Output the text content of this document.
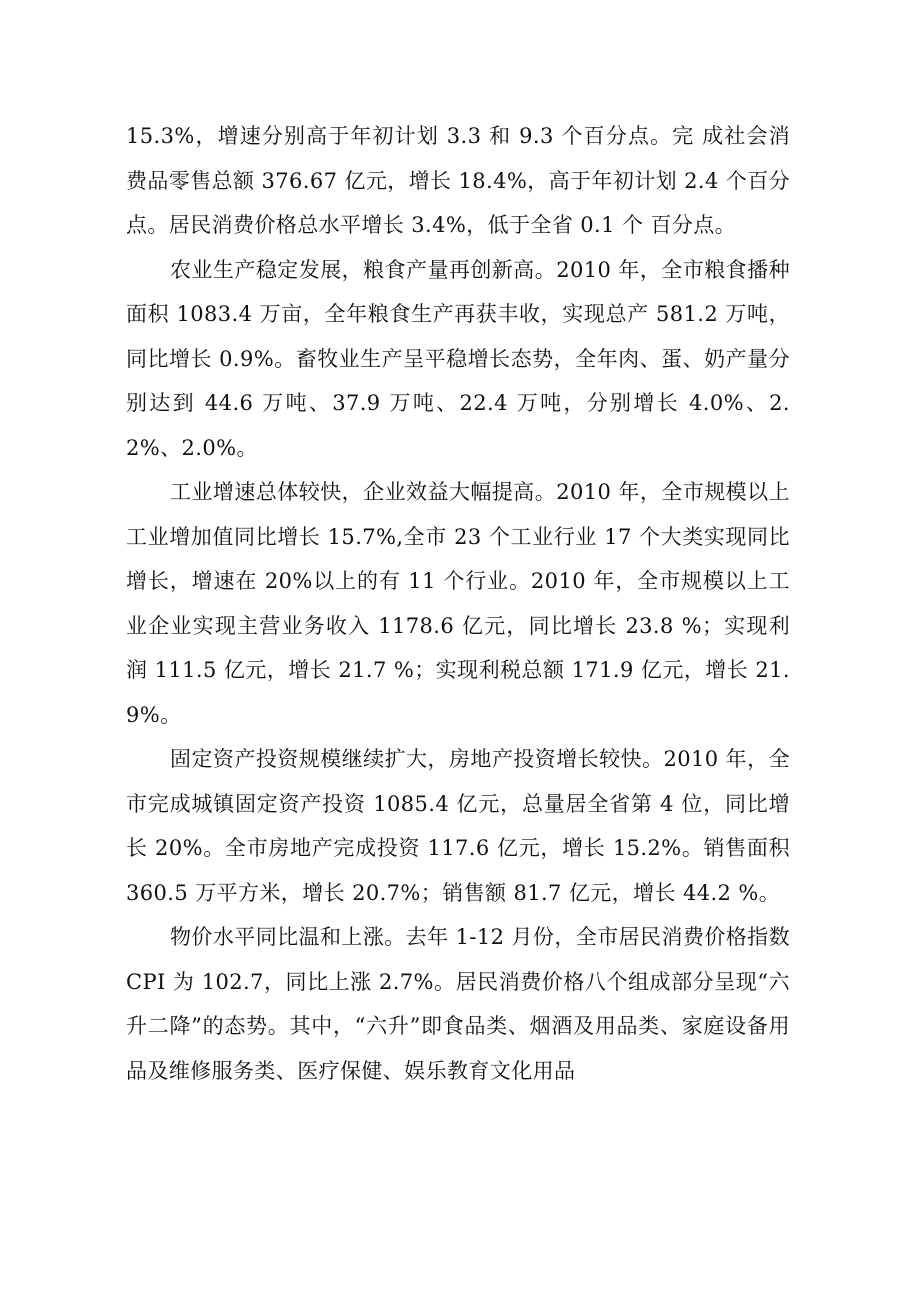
15.3%，增速分别高于年初计划 3.3 和 9.3 个百分点。完 成社会消费品零售总额 376.67 亿元，增长 18.4%，高于年初计划 2.4 个百分点。居民消费价格总水平增长 3.4%，低于全省 0.1 个 百分点。

农业生产稳定发展，粮食产量再创新高。2010 年，全市粮食播种面积 1083.4 万亩，全年粮食生产再获丰收，实现总产 581.2 万吨，同比增长 0.9%。畜牧业生产呈平稳增长态势，全年肉、蛋、奶产量分别达到 44.6 万吨、37.9 万吨、22.4 万吨，分别增长 4.0%、2.2%、2.0%。

工业增速总体较快，企业效益大幅提高。2010 年，全市规模以上工业增加值同比增长 15.7%,全市 23 个工业行业 17 个大类实现同比增长，增速在 20%以上的有 11 个行业。2010 年，全市规模以上工业企业实现主营业务收入 1178.6 亿元，同比增长 23.8 %；实现利润 111.5 亿元，增长 21.7 %；实现利税总额 171.9 亿元，增长 21.9%。

固定资产投资规模继续扩大，房地产投资增长较快。2010 年，全市完成城镇固定资产投资 1085.4 亿元，总量居全省第 4 位，同比增长 20%。全市房地产完成投资 117.6 亿元，增长 15.2%。销售面积 360.5 万平方米，增长 20.7%；销售额 81.7 亿元，增长 44.2 %。

物价水平同比温和上涨。去年 1-12 月份，全市居民消费价格指数 CPI 为 102.7，同比上涨 2.7%。居民消费价格八个组成部分呈现“六升二降”的态势。其中，“六升”即食品类、烟酒及用品类、家庭设备用品及维修服务类、医疗保健、娱乐教育文化用品
